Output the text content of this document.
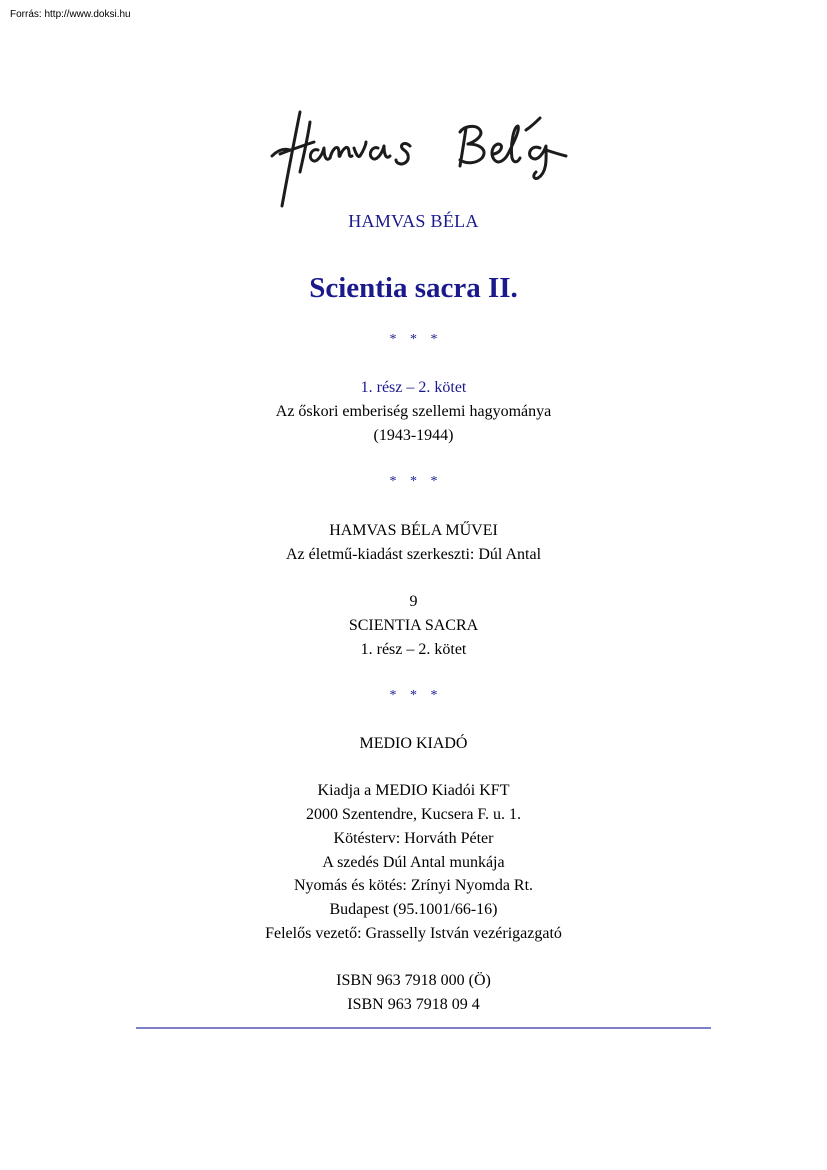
Forrás: http://www.doksi.hu
HAMVAS BÉLA
Scientia sacra II.
* * *
1. rész – 2. kötet
Az őskori emberiség szellemi hagyománya
(1943-1944)
* * *
HAMVAS BÉLA MŰVEI
Az életmű-kiadást szerkeszti: Dúl Antal
9
SCIENTIA SACRA
1. rész – 2. kötet
* * *
MEDIO KIADÓ
Kiadja a MEDIO Kiadói KFT
2000 Szentendre, Kucsera F. u. 1.
Kötésterv: Horváth Péter
A szedés Dúl Antal munkája
Nyomás és kötés: Zrínyi Nyomda Rt.
Budapest (95.1001/66-16)
Felelős vezető: Grasselly István vezérigazgató
ISBN 963 7918 000 (Ö)
ISBN 963 7918 09 4
